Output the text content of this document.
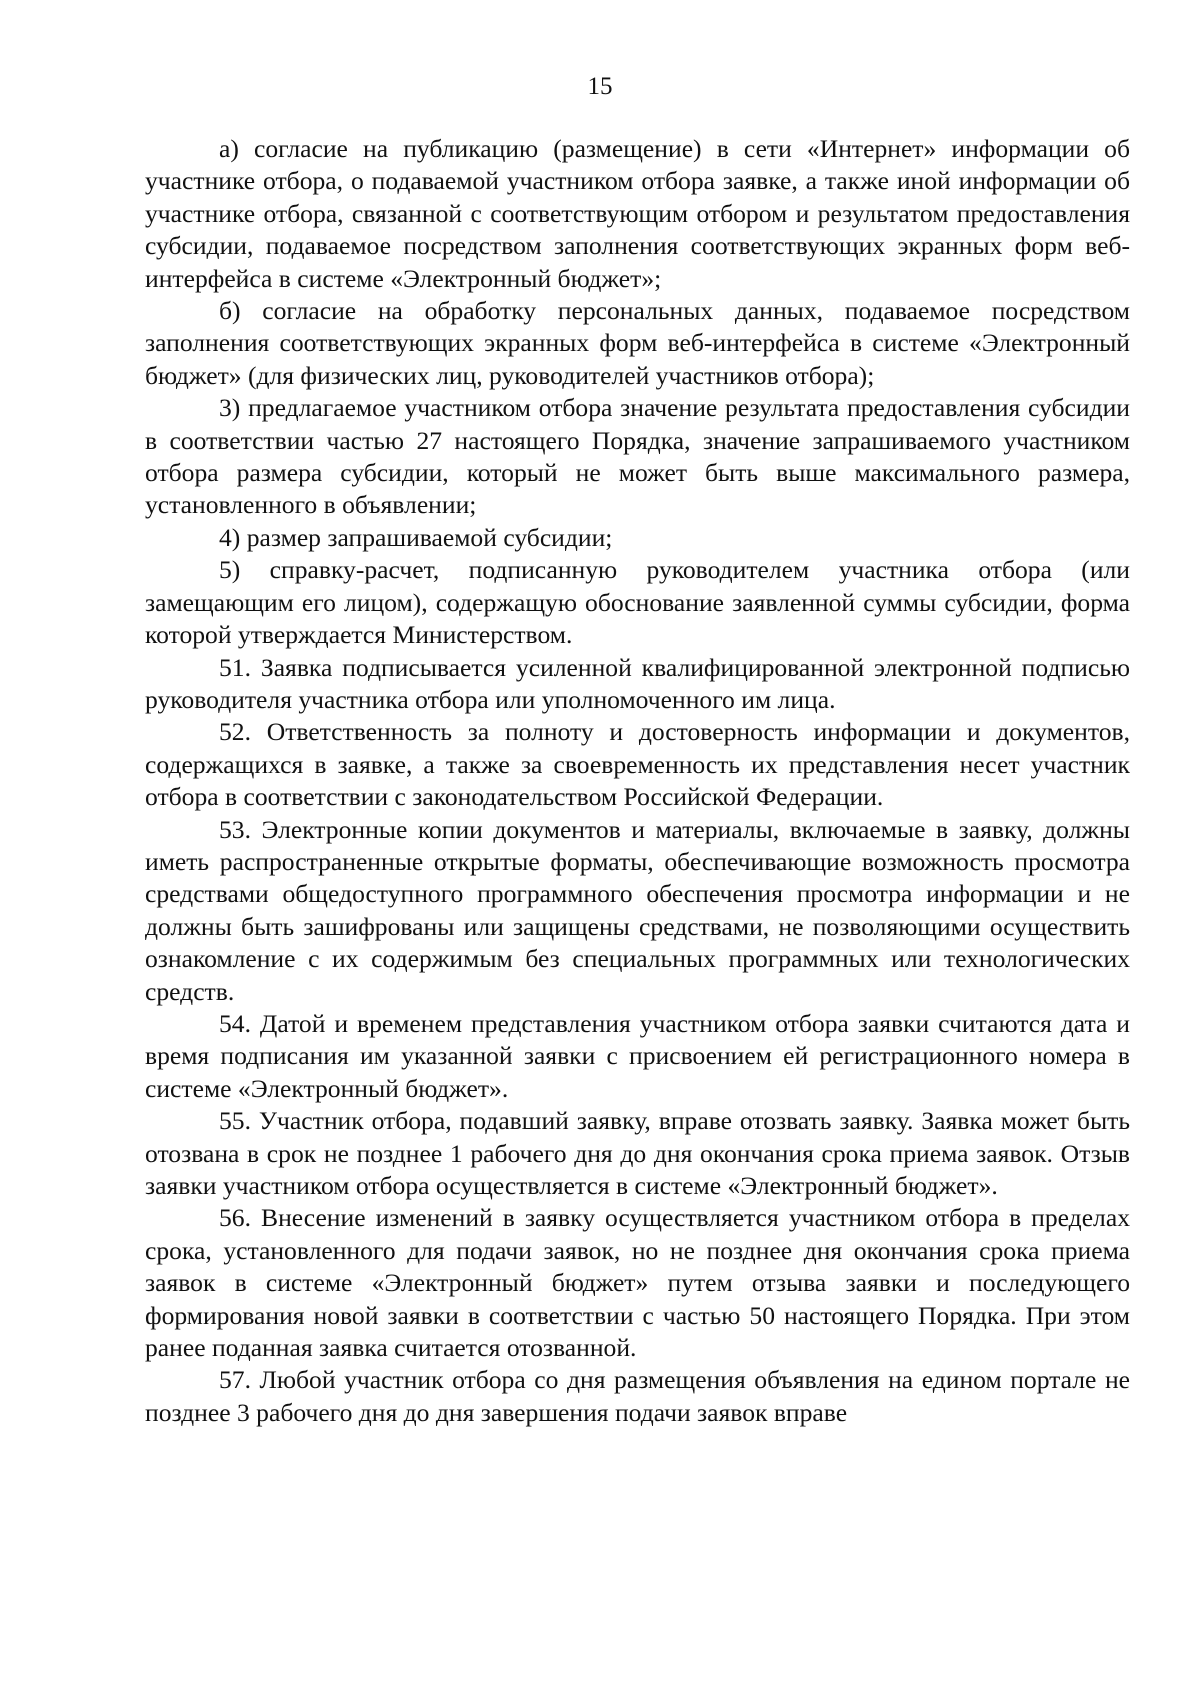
15

а) согласие на публикацию (размещение) в сети «Интернет» информации об участнике отбора, о подаваемой участником отбора заявке, а также иной информации об участнике отбора, связанной с соответствующим отбором и результатом предоставления субсидии, подаваемое посредством заполнения соответствующих экранных форм веб-интерфейса в системе «Электронный бюджет»;

б) согласие на обработку персональных данных, подаваемое посредством заполнения соответствующих экранных форм веб-интерфейса в системе «Электронный бюджет» (для физических лиц, руководителей участников отбора);

3) предлагаемое участником отбора значение результата предоставления субсидии в соответствии частью 27 настоящего Порядка, значение запрашиваемого участником отбора размера субсидии, который не может быть выше максимального размера, установленного в объявлении;

4) размер запрашиваемой субсидии;

5) справку-расчет, подписанную руководителем участника отбора (или замещающим его лицом), содержащую обоснование заявленной суммы субсидии, форма которой утверждается Министерством.

51. Заявка подписывается усиленной квалифицированной электронной подписью руководителя участника отбора или уполномоченного им лица.

52. Ответственность за полноту и достоверность информации и документов, содержащихся в заявке, а также за своевременность их представления несет участник отбора в соответствии с законодательством Российской Федерации.

53. Электронные копии документов и материалы, включаемые в заявку, должны иметь распространенные открытые форматы, обеспечивающие возможность просмотра средствами общедоступного программного обеспечения просмотра информации и не должны быть зашифрованы или защищены средствами, не позволяющими осуществить ознакомление с их содержимым без специальных программных или технологических средств.

54. Датой и временем представления участником отбора заявки считаются дата и время подписания им указанной заявки с присвоением ей регистрационного номера в системе «Электронный бюджет».

55. Участник отбора, подавший заявку, вправе отозвать заявку. Заявка может быть отозвана в срок не позднее 1 рабочего дня до дня окончания срока приема заявок. Отзыв заявки участником отбора осуществляется в системе «Электронный бюджет».

56. Внесение изменений в заявку осуществляется участником отбора в пределах срока, установленного для подачи заявок, но не позднее дня окончания срока приема заявок в системе «Электронный бюджет» путем отзыва заявки и последующего формирования новой заявки в соответствии с частью 50 настоящего Порядка. При этом ранее поданная заявка считается отозванной.

57. Любой участник отбора со дня размещения объявления на едином портале не позднее 3 рабочего дня до дня завершения подачи заявок вправе
